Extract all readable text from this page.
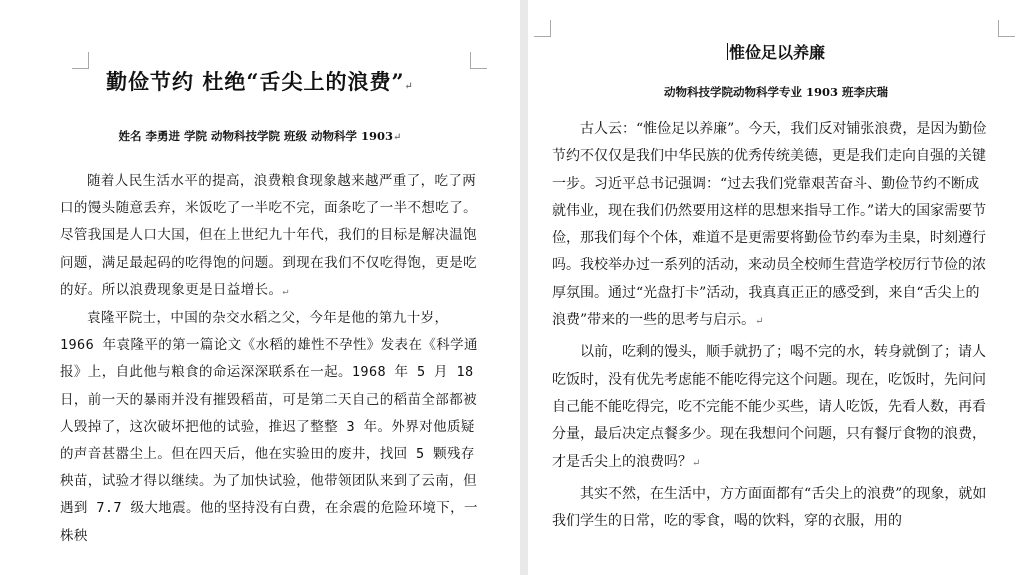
勤俭节约 杜绝“舌尖上的浪费”↵
姓名 李勇进 学院 动物科技学院 班级 动物科学 1903↵

随着人民生活水平的提高，浪费粮食现象越来越严重了，吃了两口的馒头随意丢弃，米饭吃了一半吃不完，面条吃了一半不想吃了。尽管我国是人口大国，但在上世纪九十年代，我们的目标是解决温饱问题，满足最起码的吃得饱的问题。到现在我们不仅吃得饱，更是吃的好。所以浪费现象更是日益增长。↵

袁隆平院士，中国的杂交水稻之父，今年是他的第九十岁，1966 年袁隆平的第一篇论文《水稻的雄性不孕性》发表在《科学通报》上，自此他与粮食的命运深深联系在一起。1968 年 5 月 18 日，前一天的暴雨并没有摧毁稻苗，可是第二天自己的稻苗全部都被人毁掉了，这次破坏把他的试验，推迟了整整 3 年。外界对他质疑的声音甚嚣尘上。但在四天后，他在实验田的废井，找回 5 颗残存秧苗，试验才得以继续。为了加快试验，他带领团队来到了云南，但遇到 7.7 级大地震。他的坚持没有白费，在余震的危险环境下，一株秧

惟俭足以养廉
动物科技学院动物科学专业 1903 班李庆瑞

古人云：“惟俭足以养廉”。今天，我们反对铺张浪费，是因为勤俭节约不仅仅是我们中华民族的优秀传统美德，更是我们走向自强的关键一步。习近平总书记强调：“过去我们党靠艰苦奋斗、勤俭节约不断成就伟业，现在我们仍然要用这样的思想来指导工作。”诺大的国家需要节俭，那我们每个个体，难道不是更需要将勤俭节约奉为圭臬，时刻遵行吗。我校举办过一系列的活动，来动员全校师生营造学校厉行节俭的浓厚氛围。通过“光盘打卡”活动，我真真正正的感受到，来自“舌尖上的浪费”带来的一些的思考与启示。↵

以前，吃剩的馒头，顺手就扔了；喝不完的水，转身就倒了；请人吃饭时，没有优先考虑能不能吃得完这个问题。现在，吃饭时，先问问自己能不能吃得完，吃不完能不能少买些，请人吃饭，先看人数，再看分量，最后决定点餐多少。现在我想问个问题，只有餐厅食物的浪费，才是舌尖上的浪费吗？↵

其实不然，在生活中，方方面面都有“舌尖上的浪费”的现象，就如我们学生的日常，吃的零食，喝的饮料，穿的衣服，用的
